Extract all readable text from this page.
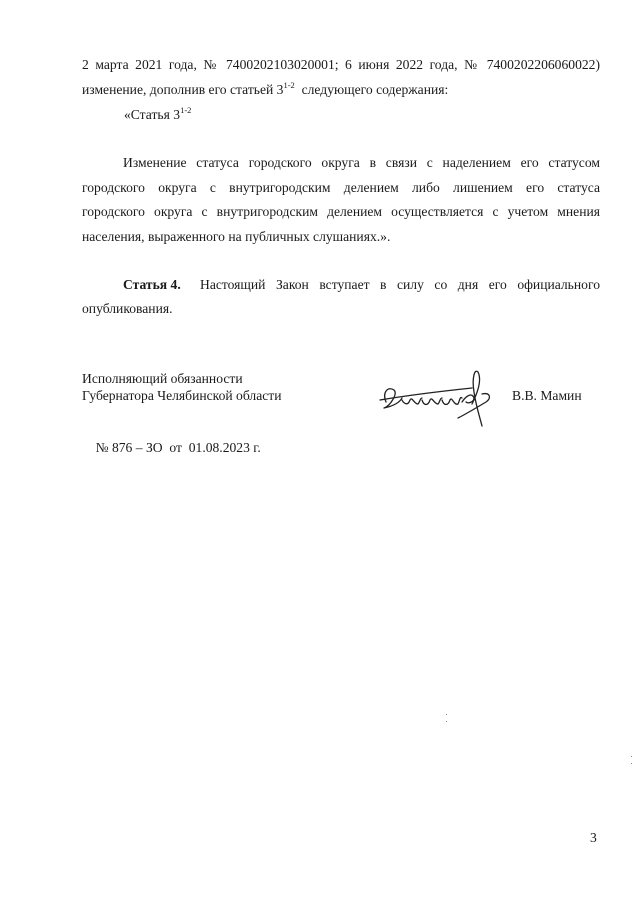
2 марта 2021 года, № 7400202103020001; 6 июня 2022 года, № 7400202206060022)
изменение, дополнив его статьей 3$^{1-2}$  следующего содержания:
«Статья 3$^{1-2}$
Изменение статуса городского округа в связи с наделением его статусом
городского округа с внутригородским делением либо лишением его статуса
городского округа с внутригородским делением осуществляется с учетом мнения
населения, выраженного на публичных слушаниях.».
Статья 4. Настоящий Закон вступает в силу со дня его официального
опубликования.
Исполняющий обязанности
Губернатора Челябинской области	В.В. Мамин

№ 876 – ЗО  от  01.08.2023 г.

3
